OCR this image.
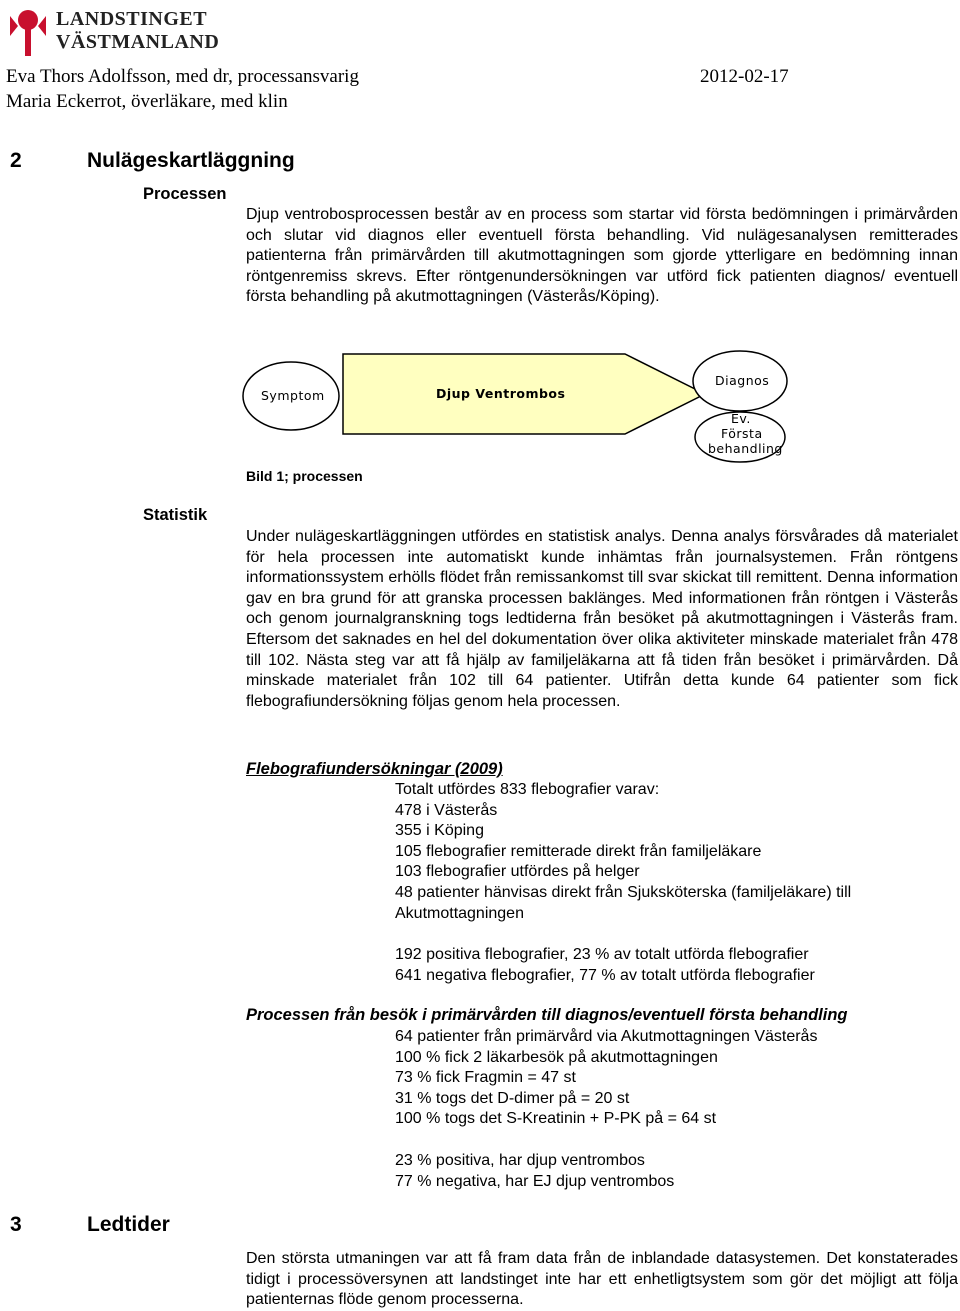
LANDSTINGET
VÄSTMANLAND
Eva Thors Adolfsson, med dr, processansvarig	2012-02-17
Maria Eckerrot, överläkare, med klin
2	Nulägeskartläggning
Processen

Djup ventrobosprocessen består av en process som startar vid första bedömningen i primärvården och slutar vid diagnos eller eventuell första behandling. Vid nulägesanalysen remitterades patienterna från primärvården till akutmottagningen som gjorde ytterligare en bedömning innan röntgenremiss skrevs. Efter röntgenundersökningen var utförd fick patienten diagnos/ eventuell första behandling på akutmottagningen (Västerås/Köping).

Symptom	Djup Ventrombos
Diagnos
Ev.
Första
behandling
Bild 1; processen
Statistik

Under nulägeskartläggningen utfördes en statistisk analys. Denna analys försvårades då materialet för hela processen inte automatiskt kunde inhämtas från journalsystemen. Från röntgens informationssystem erhölls flödet från remissankomst till svar skickat till remittent. Denna information gav en bra grund för att granska processen baklänges. Med informationen från röntgen i Västerås och genom journalgranskning togs ledtiderna från besöket på akutmottagningen i Västerås fram. Eftersom det saknades en hel del dokumentation över olika aktiviteter minskade materialet från 478 till 102. Nästa steg var att få hjälp av familjeläkarna att få tiden från besöket i primärvården. Då minskade materialet från 102 till 64 patienter. Utifrån detta kunde 64 patienter som fick flebografiundersökning följas genom hela processen.

Flebografiundersökningar (2009)
Totalt utfördes 833 flebografier varav:
478 i Västerås
355 i Köping
105 flebografier remitterade direkt från familjeläkare
103 flebografier utfördes på helger
48 patienter hänvisas direkt från Sjuksköterska (familjeläkare) till
Akutmottagningen
192 positiva flebografier, 23 % av totalt utförda flebografier
641 negativa flebografier, 77 % av totalt utförda flebografier
Processen från besök i primärvården till diagnos/eventuell första behandling
64 patienter från primärvård via Akutmottagningen Västerås
100 % fick 2 läkarbesök på akutmottagningen
73 % fick Fragmin = 47 st
31 % togs det D-dimer på = 20 st
100 % togs det S-Kreatinin + P-PK på = 64 st
23 % positiva, har djup ventrombos
77 % negativa, har EJ djup ventrombos
3	Ledtider

Den största utmaningen var att få fram data från de inblandade datasystemen. Det konstaterades tidigt i processöversynen att landstinget inte har ett enhetligtsystem som gör det möjligt att följa patienternas flöde genom processerna.
